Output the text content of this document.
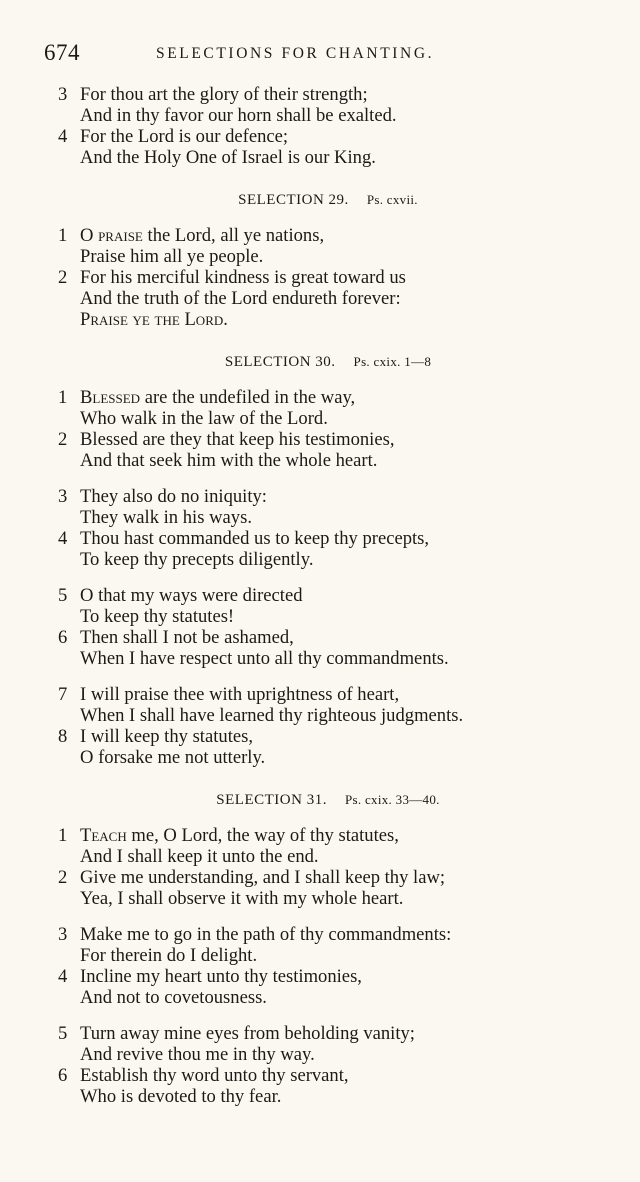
674	SELECTIONS FOR CHANTING.
3 For thou art the glory of their strength;
And in thy favor our horn shall be exalted.
4 For the Lord is our defence;
And the Holy One of Israel is our King.
SELECTION 29. Ps. cxvii.
1 O praise the Lord, all ye nations,
Praise him all ye people.
2 For his merciful kindness is great toward us
And the truth of the Lord endureth forever:
Praise ye the Lord.
SELECTION 30. Ps. cxix. 1—8
1 Blessed are the undefiled in the way,
Who walk in the law of the Lord.
2 Blessed are they that keep his testimonies,
And that seek him with the whole heart.
3 They also do no iniquity:
They walk in his ways.
4 Thou hast commanded us to keep thy precepts,
To keep thy precepts diligently.
5 O that my ways were directed
To keep thy statutes!
6 Then shall I not be ashamed,
When I have respect unto all thy commandments.
7 I will praise thee with uprightness of heart,
When I shall have learned thy righteous judgments.
8 I will keep thy statutes,
O forsake me not utterly.
SELECTION 31. Ps. cxix. 33—40.
1 Teach me, O Lord, the way of thy statutes,
And I shall keep it unto the end.
2 Give me understanding, and I shall keep thy law;
Yea, I shall observe it with my whole heart.
3 Make me to go in the path of thy commandments:
For therein do I delight.
4 Incline my heart unto thy testimonies,
And not to covetousness.
5 Turn away mine eyes from beholding vanity;
And revive thou me in thy way.
6 Establish thy word unto thy servant,
Who is devoted to thy fear.
